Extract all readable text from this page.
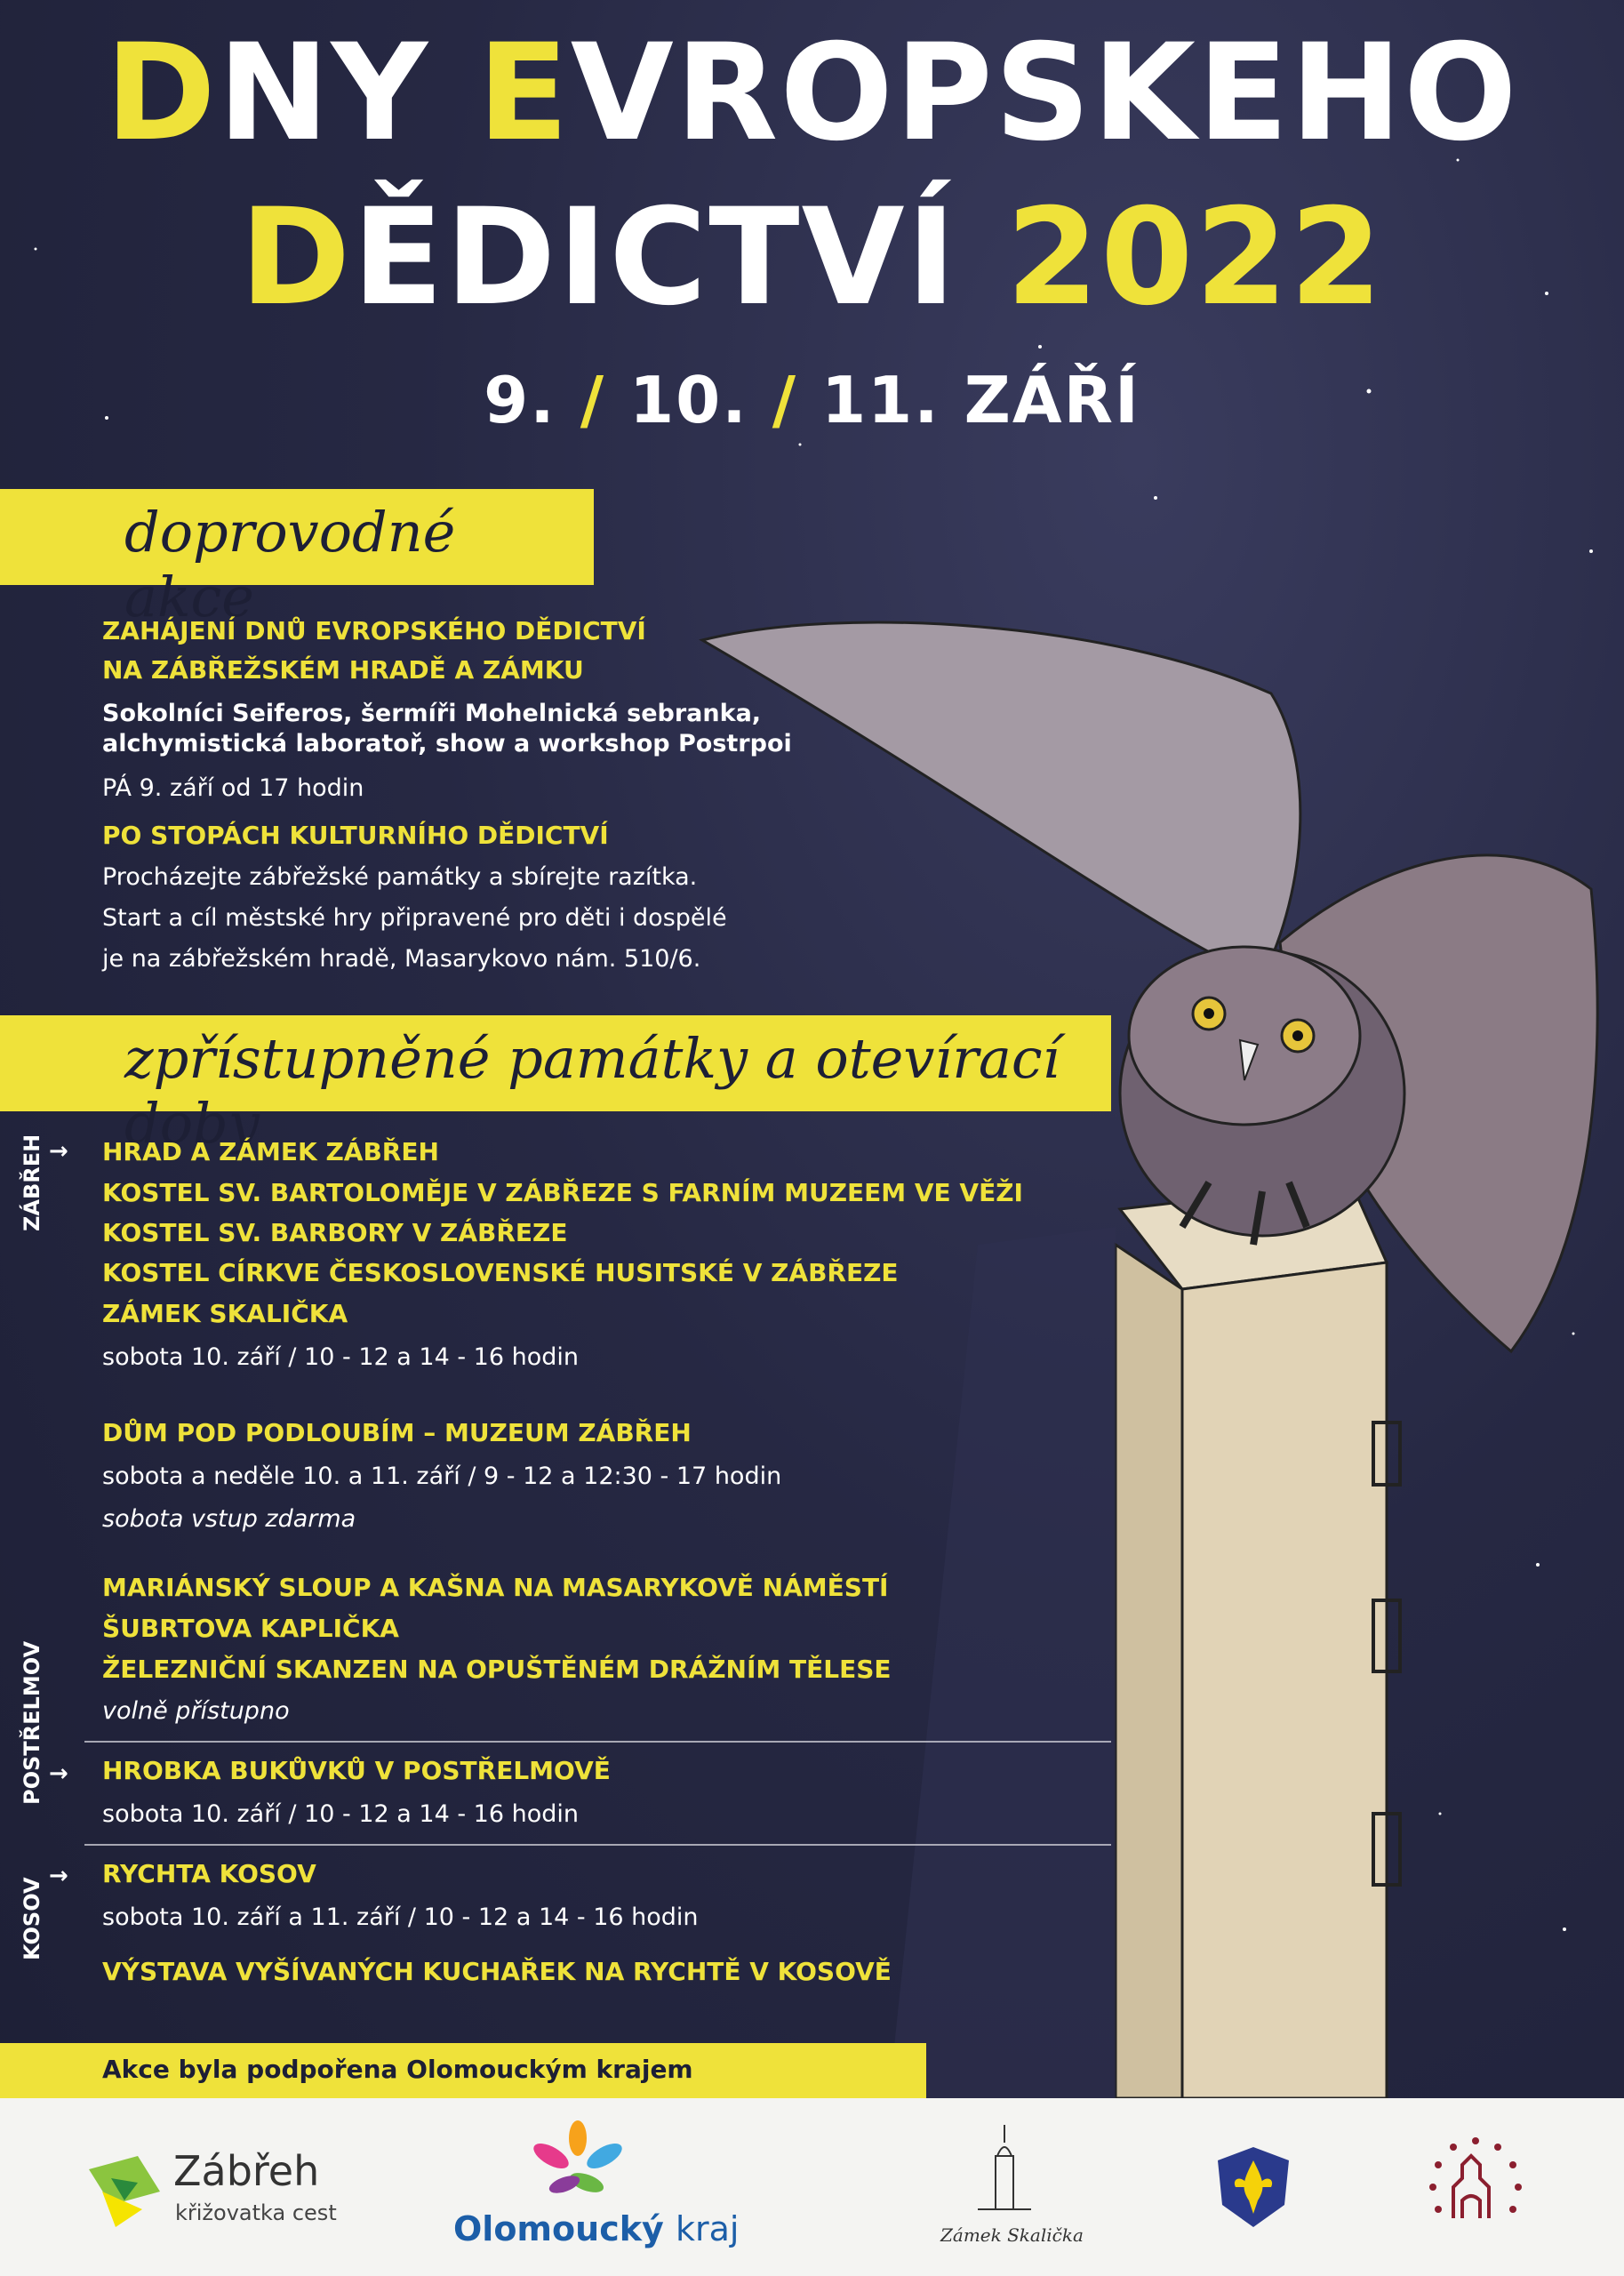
DNY EVROPSKEHO
DĚDICTVÍ 2022
9. / 10. / 11. ZÁŘÍ
doprovodné akce
ZAHÁJENÍ DNŮ EVROPSKÉHO DĚDICTVÍ
NA ZÁBŘEŽSKÉM HRADĚ A ZÁMKU
Sokolníci Seiferos, šermíři Mohelnická sebranka,
alchymistická laboratoř, show a workshop Postrpoi
PÁ 9. září od 17 hodin
PO STOPÁCH KULTURNÍHO DĚDICTVÍ
Procházejte zábřežské památky a sbírejte razítka.
Start a cíl městské hry připravené pro děti i dospělé
je na zábřežském hradě, Masarykovo nám. 510/6.
zpřístupněné památky a otevírací doby
ZÁBŘEH →
POSTŘELMOV →
KOSOV
→
HRAD A ZÁMEK ZÁBŘEH
KOSTEL SV. BARTOLOMĚJE V ZÁBŘEZE S FARNÍM MUZEEM VE VĚŽI
KOSTEL SV. BARBORY V ZÁBŘEZE
KOSTEL CÍRKVE ČESKOSLOVENSKÉ HUSITSKÉ V ZÁBŘEZE
ZÁMEK SKALIČKA
sobota 10. září / 10 - 12 a 14 - 16 hodin
DŮM POD PODLOUBÍM – MUZEUM ZÁBŘEH
sobota a neděle 10. a 11. září / 9 - 12 a 12:30 - 17 hodin
sobota vstup zdarma
MARIÁNSKÝ SLOUP A KAŠNA NA MASARYKOVĚ NÁMĚSTÍ
ŠUBRTOVA KAPLIČKA
ŽELEZNIČNÍ SKANZEN NA OPUŠTĚNÉM DRÁŽNÍM TĚLESE
volně přístupno
HROBKA BUKŮVKŮ V POSTŘELMOVĚ
sobota 10. září / 10 - 12 a 14 - 16 hodin
RYCHTA KOSOV
sobota 10. září a 11. září / 10 - 12 a 14 - 16 hodin
VÝSTAVA VYŠÍVANÝCH KUCHAŘEK NA RYCHTĚ V KOSOVĚ
Akce byla podpořena Olomouckým krajem
Zábřeh
křižovatka cest	Olomoucký kraj	Zámek Skalička
